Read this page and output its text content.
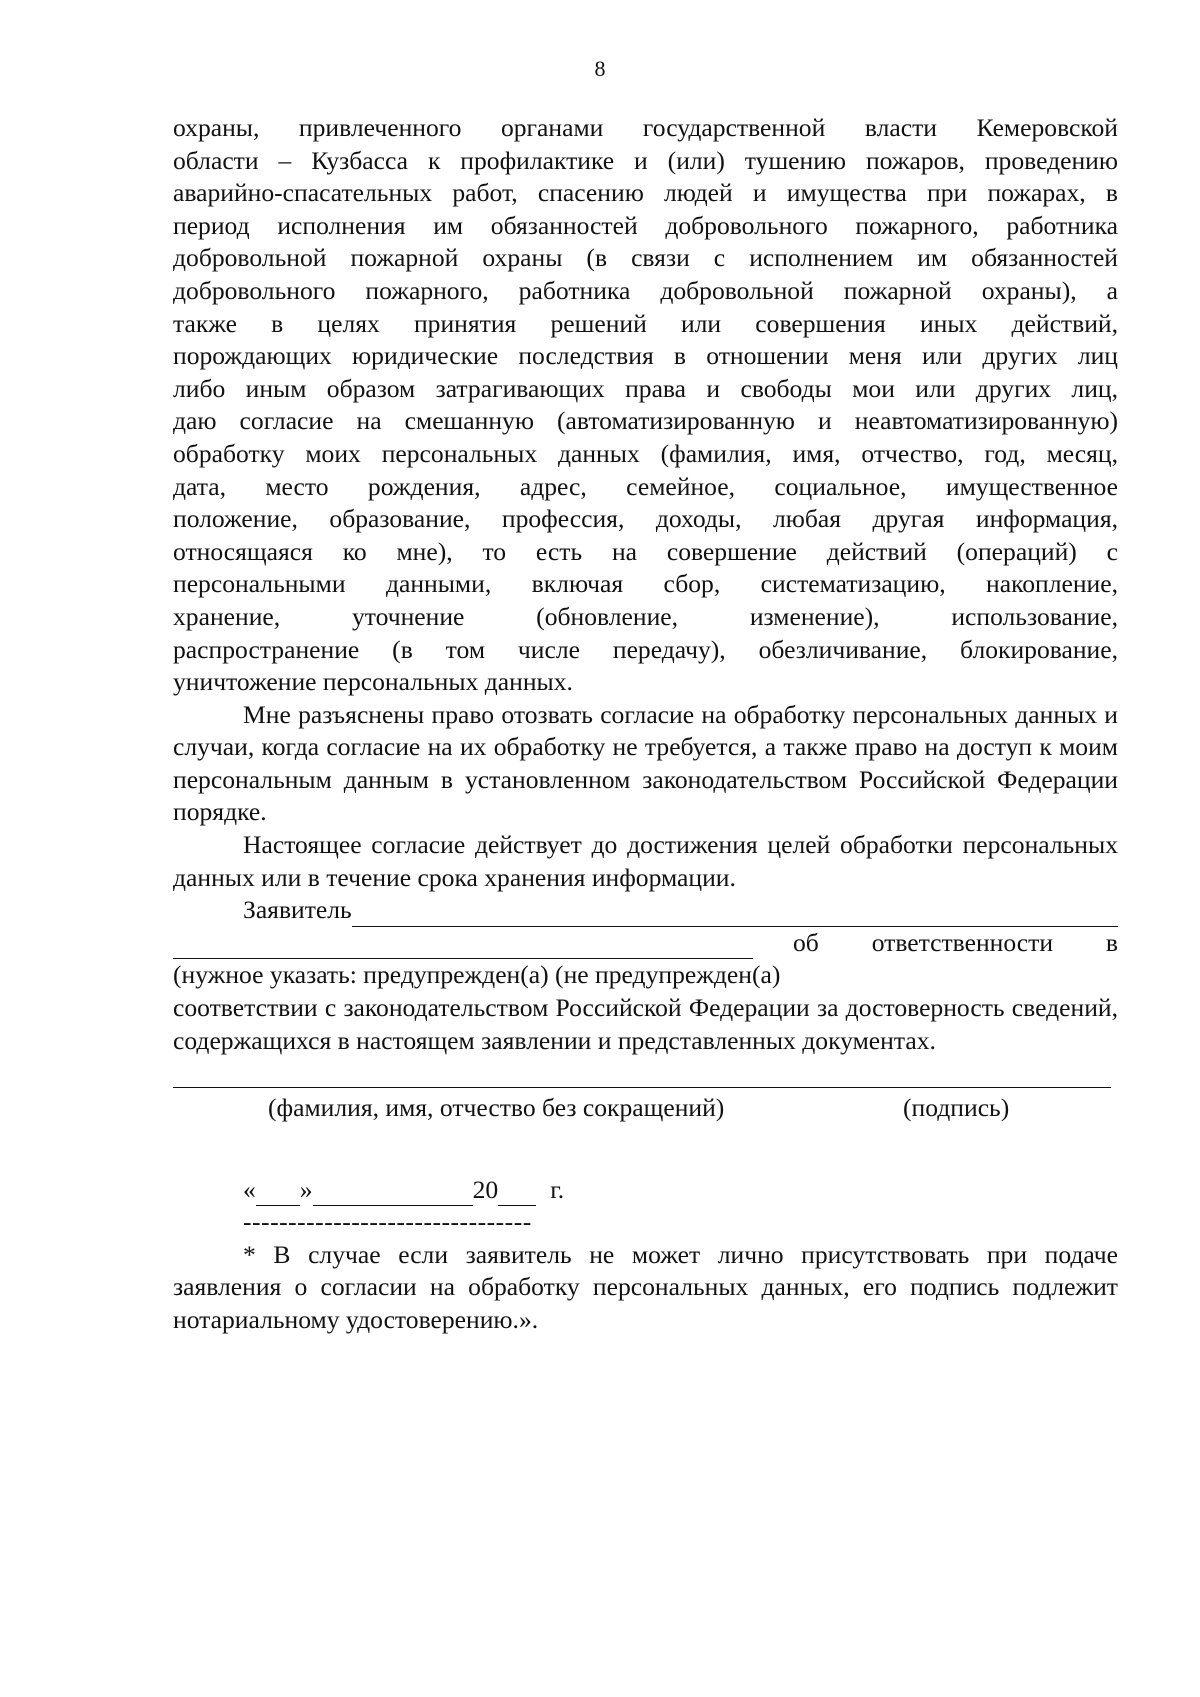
8
охраны, привлеченного органами государственной власти Кемеровской
области – Кузбасса к профилактике и (или) тушению пожаров, проведению
аварийно-спасательных работ, спасению людей и имущества при пожарах, в
период исполнения им обязанностей добровольного пожарного, работника
добровольной пожарной охраны (в связи с исполнением им обязанностей
добровольного пожарного, работника добровольной пожарной охраны), а
также в целях принятия решений или совершения иных действий,
порождающих юридические последствия в отношении меня или других лиц
либо иным образом затрагивающих права и свободы мои или других лиц,
даю согласие на смешанную (автоматизированную и неавтоматизированную)
обработку моих персональных данных (фамилия, имя, отчество, год, месяц,
дата, место рождения, адрес, семейное, социальное, имущественное
положение, образование, профессия, доходы, любая другая информация,
относящаяся ко мне), то есть на совершение действий (операций) с
персональными данными, включая сбор, систематизацию, накопление,
хранение, уточнение (обновление, изменение), использование,
распространение (в том числе передачу), обезличивание, блокирование,
уничтожение персональных данных.

Мне разъяснены право отозвать согласие на обработку персональных данных и случаи, когда согласие на их обработку не требуется, а также право на доступ к моим персональным данным в установленном законодательством Российской Федерации порядке.

Настоящее согласие действует до достижения целей обработки персональных данных или в течение срока хранения информации.

Заявитель
об ответственности в
(нужное указать: предупрежден(а) (не предупрежден(а)

соответствии с законодательством Российской Федерации за достоверность сведений, содержащихся в настоящем заявлении и представленных документах.

(фамилия, имя, отчество без сокращений)	(подпись)
« »	20 г.
--------------------------------

* В случае если заявитель не может лично присутствовать при подаче заявления о согласии на обработку персональных данных, его подпись подлежит нотариальному удостоверению.».
